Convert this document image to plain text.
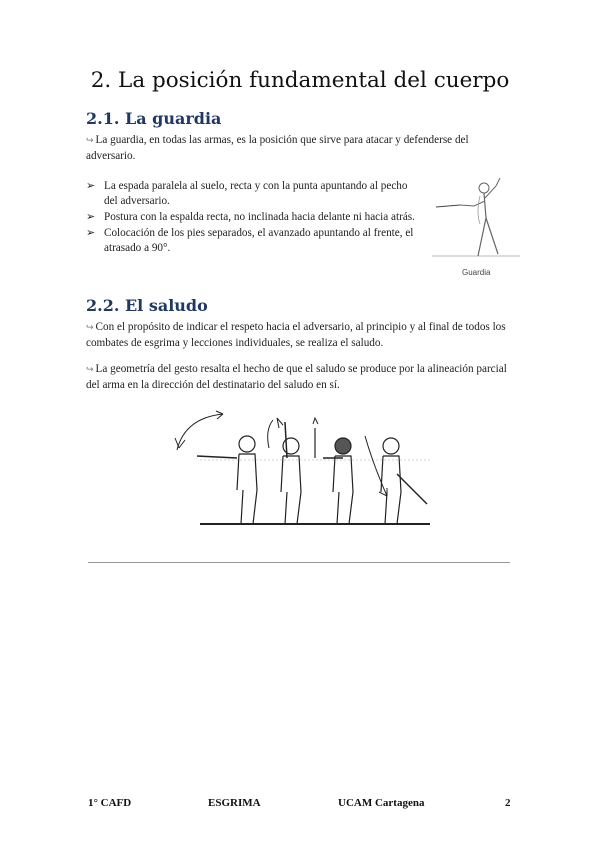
2. La posición fundamental del cuerpo
2.1. La guardia
↪ La guardia, en todas las armas, es la posición que sirve para atacar y defenderse del adversario.
➢ La espada paralela al suelo, recta y con la punta apuntando al pecho del adversario.
➢ Postura con la espalda recta, no inclinada hacia delante ni hacia atrás.
➢ Colocación de los pies separados, el avanzado apuntando al frente, el atrasado a 90°.
Guardia
2.2. El saludo
↪ Con el propósito de indicar el respeto hacia el adversario, al principio y al final de todos los combates de esgrima y lecciones individuales, se realiza el saludo.
↪ La geometría del gesto resalta el hecho de que el saludo se produce por la alineación parcial del arma en la dirección del destinatario del saludo en sí.
1° CAFD	ESGRIMA	UCAM Cartagena	2
